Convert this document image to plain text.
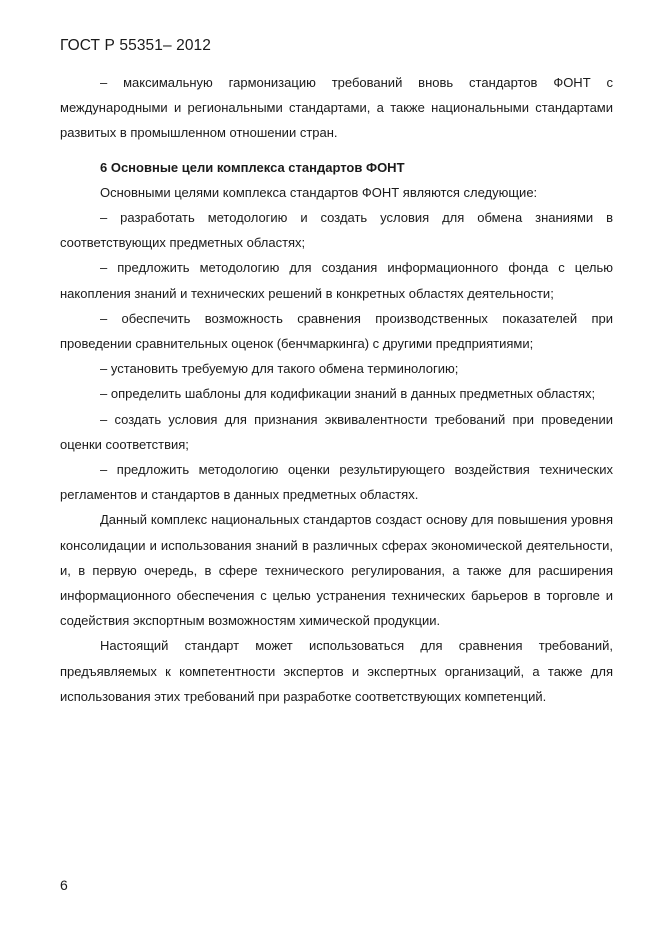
ГОСТ Р 55351– 2012

– максимальную гармонизацию требований вновь стандартов ФОНТ с международными и региональными стандартами, а также национальными стандартами развитых в промышленном отношении стран.

6 Основные цели комплекса стандартов ФОНТ

Основными целями комплекса стандартов ФОНТ являются следующие:

– разработать методологию и создать условия для обмена знаниями в соответствующих предметных областях;

– предложить методологию для создания информационного фонда с целью накопления знаний и технических решений в конкретных областях деятельности;

– обеспечить возможность сравнения производственных показателей при проведении сравнительных оценок (бенчмаркинга) с другими предприятиями;

– установить требуемую для такого обмена терминологию;

– определить шаблоны для кодификации знаний в данных предметных областях;

– создать условия для признания эквивалентности требований при проведении оценки соответствия;

– предложить методологию оценки результирующего воздействия технических регламентов и стандартов в данных предметных областях.

Данный комплекс национальных стандартов создаст основу для повышения уровня консолидации и использования знаний в различных сферах экономической деятельности, и, в первую очередь, в сфере технического регулирования, а также для расширения информационного обеспечения с целью устранения технических барьеров в торговле и содействия экспортным возможностям химической продукции.

Настоящий стандарт может использоваться для сравнения требований, предъявляемых к компетентности экспертов и экспертных организаций, а также для использования этих требований при разработке соответствующих компетенций.

6
